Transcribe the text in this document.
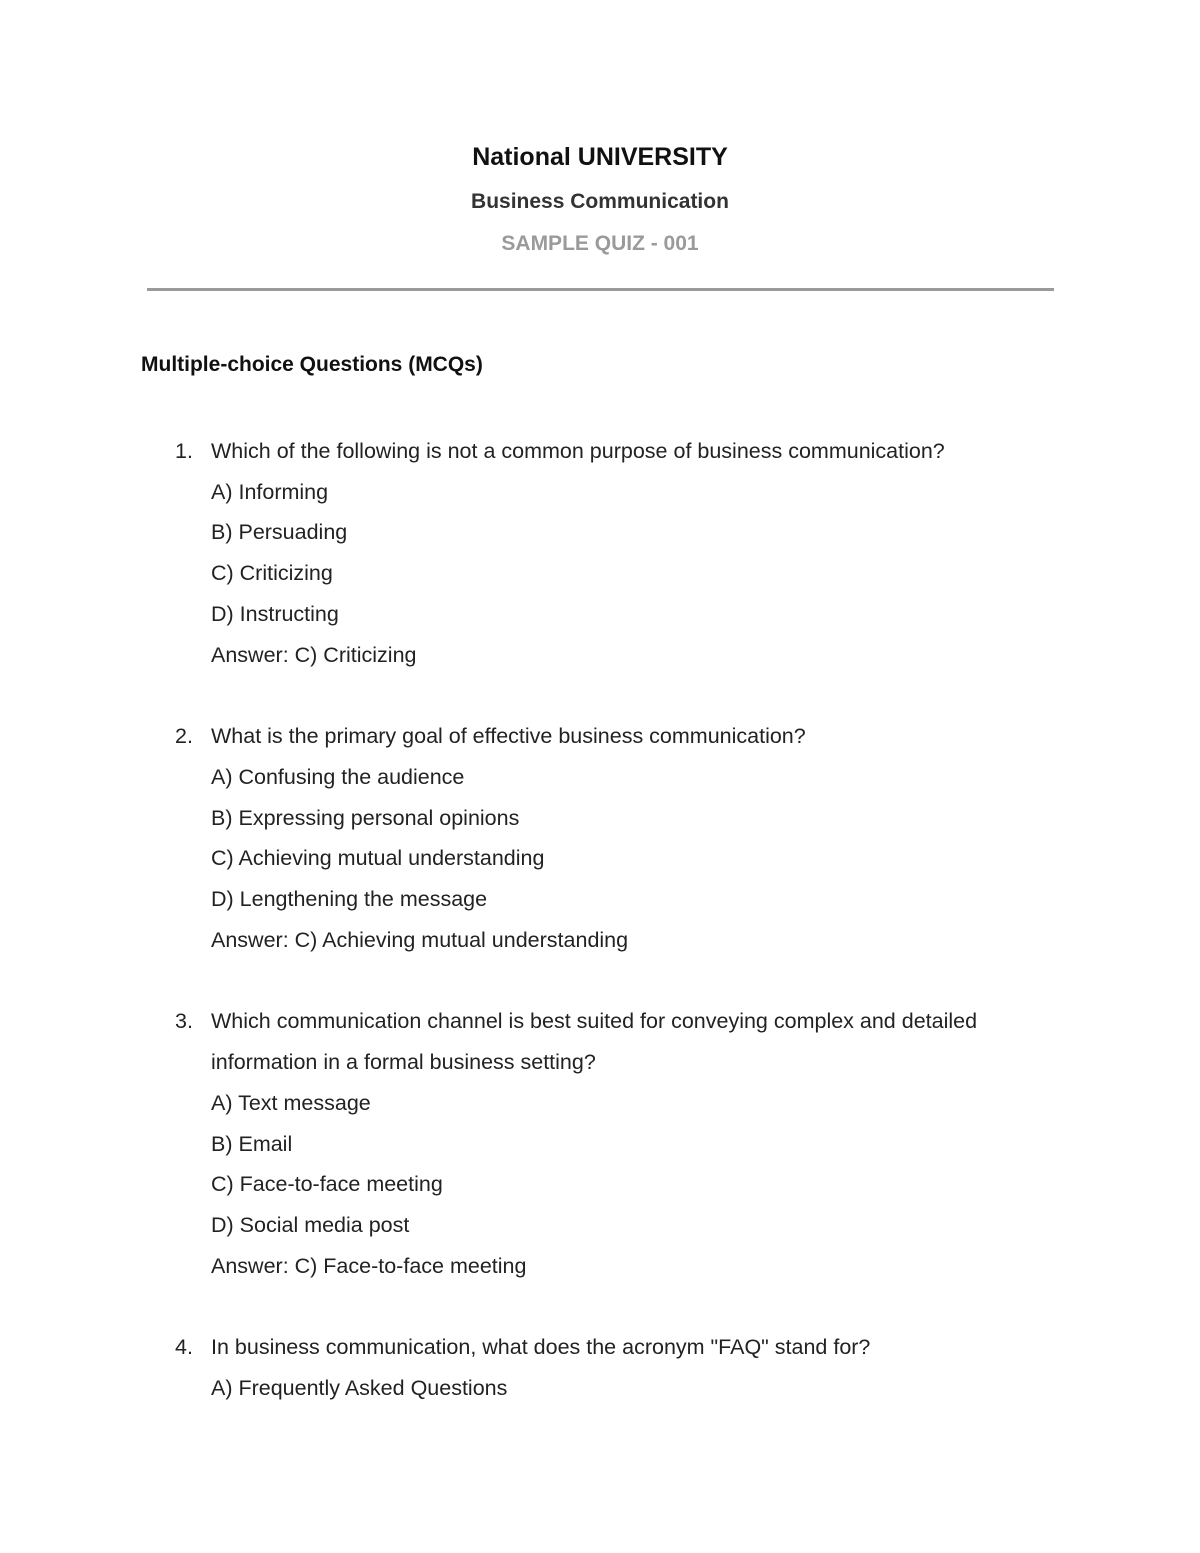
National UNIVERSITY
Business Communication
SAMPLE QUIZ - 001
Multiple-choice Questions (MCQs)
1. Which of the following is not a common purpose of business communication?
A) Informing
B) Persuading
C) Criticizing
D) Instructing
Answer: C) Criticizing
2. What is the primary goal of effective business communication?
A) Confusing the audience
B) Expressing personal opinions
C) Achieving mutual understanding
D) Lengthening the message
Answer: C) Achieving mutual understanding
3. Which communication channel is best suited for conveying complex and detailed
information in a formal business setting?
A) Text message
B) Email
C) Face-to-face meeting
D) Social media post
Answer: C) Face-to-face meeting
4. In business communication, what does the acronym "FAQ" stand for?
A) Frequently Asked Questions
